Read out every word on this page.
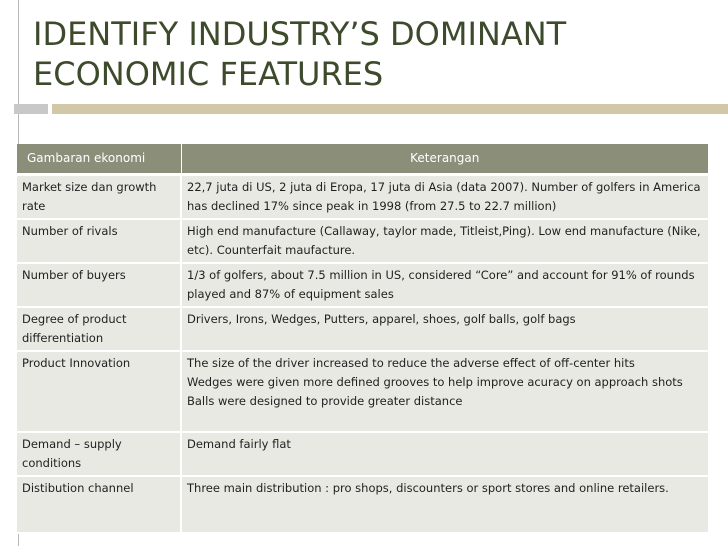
IDENTIFY INDUSTRY’S DOMINANT
ECONOMIC FEATURES
Gambaran ekonomi	Keterangan
Market size dan growth rate	22,7 juta di US, 2 juta di Eropa, 17 juta di Asia (data 2007). Number of golfers in America has declined 17% since peak in 1998 (from 27.5 to 22.7 million)

Number of rivals	High end manufacture (Callaway, taylor made, Titleist,Ping). Low end manufacture (Nike, etc). Counterfait maufacture.

Number of buyers	1/3 of golfers, about 7.5 million in US, considered “Core” and account for 91% of rounds played and 87% of equipment sales

Degree of product differentiation	Drivers, Irons, Wedges, Putters, apparel, shoes, golf balls, golf bags

Product Innovation	The size of the driver increased to reduce the adverse effect of off-center hits
Wedges were given more defined grooves to help improve acuracy on approach shots
Balls were designed to provide greater distance

Demand – supply conditions	Demand fairly flat

Distibution channel	Three main distribution : pro shops, discounters or sport stores and online retailers.
